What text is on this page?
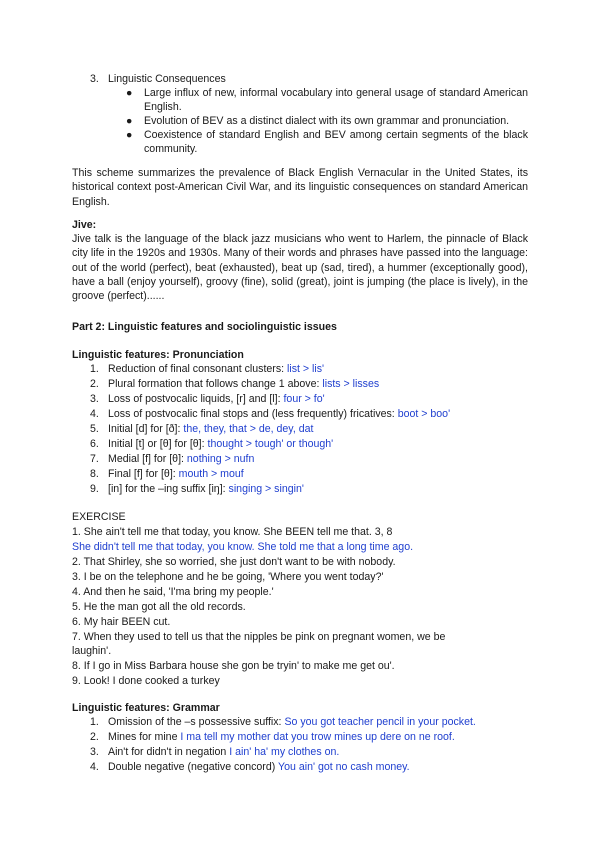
3. Linguistic Consequences
● Large influx of new, informal vocabulary into general usage of standard American English.
● Evolution of BEV as a distinct dialect with its own grammar and pronunciation.
● Coexistence of standard English and BEV among certain segments of the black community.

This scheme summarizes the prevalence of Black English Vernacular in the United States, its historical context post-American Civil War, and its linguistic consequences on standard American English.

Jive:

Jive talk is the language of the black jazz musicians who went to Harlem, the pinnacle of Black city life in the 1920s and 1930s. Many of their words and phrases have passed into the language: out of the world (perfect), beat (exhausted), beat up (sad, tired), a hummer (exceptionally good), have a ball (enjoy yourself), groovy (fine), solid (great), joint is jumping (the place is lively), in the groove (perfect)......

Part 2: Linguistic features and sociolinguistic issues

Linguistic features: Pronunciation

1. Reduction of final consonant clusters: list > lis'
2. Plural formation that follows change 1 above: lists > lisses
3. Loss of postvocalic liquids, [r] and [l]: four > fo'
4. Loss of postvocalic final stops and (less frequently) fricatives: boot > boo'
5. Initial [d] for [ð]: the, they, that > de, dey, dat
6. Initial [t] or [θ] for [θ]: thought > tough' or though'
7. Medial [f] for [θ]: nothing > nufn
8. Final [f] for [θ]: mouth > mouf
9. [in] for the –ing suffix [iŋ]: singing > singin'
EXERCISE
1. She ain't tell me that today, you know. She BEEN tell me that. 3, 8
She didn't tell me that today, you know. She told me that a long time ago.
2. That Shirley, she so worried, she just don't want to be with nobody.
3. I be on the telephone and he be going, 'Where you went today?'
4. And then he said, 'I'ma bring my people.'
5. He the man got all the old records.
6. My hair BEEN cut.
7. When they used to tell us that the nipples be pink on pregnant women, we be
laughin'.
8. If I go in Miss Barbara house she gon be tryin' to make me get ou'.
9. Look! I done cooked a turkey

Linguistic features: Grammar

1. Omission of the –s possessive suffix: So you got teacher pencil in your pocket.
2. Mines for mine I ma tell my mother dat you trow mines up dere on ne roof.
3. Ain't for didn't in negation I ain' ha' my clothes on.
4. Double negative (negative concord) You ain' got no cash money.
